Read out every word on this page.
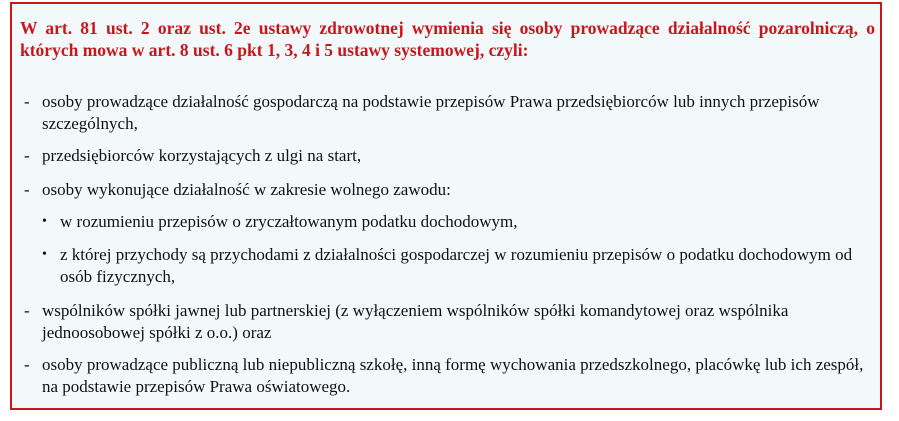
W art. 81 ust. 2 oraz ust. 2e ustawy zdrowotnej wymienia się osoby prowadzące działalność pozarolniczą, o których mowa w art. 8 ust. 6 pkt 1, 3, 4 i 5 ustawy systemowej, czyli:

- osoby prowadzące działalność gospodarczą na podstawie przepisów Prawa przedsiębiorców lub innych przepisów szczególnych,
- przedsiębiorców korzystających z ulgi na start,
- osoby wykonujące działalność w zakresie wolnego zawodu:
• w rozumieniu przepisów o zryczałtowanym podatku dochodowym,
• z której przychody są przychodami z działalności gospodarczej w rozumieniu przepisów o podatku dochodowym od osób fizycznych,
- wspólników spółki jawnej lub partnerskiej (z wyłączeniem wspólników spółki komandytowej oraz wspólnika jednoosobowej spółki z o.o.) oraz
- osoby prowadzące publiczną lub niepubliczną szkołę, inną formę wychowania przedszkolnego, placówkę lub ich zespół, na podstawie przepisów Prawa oświatowego.
